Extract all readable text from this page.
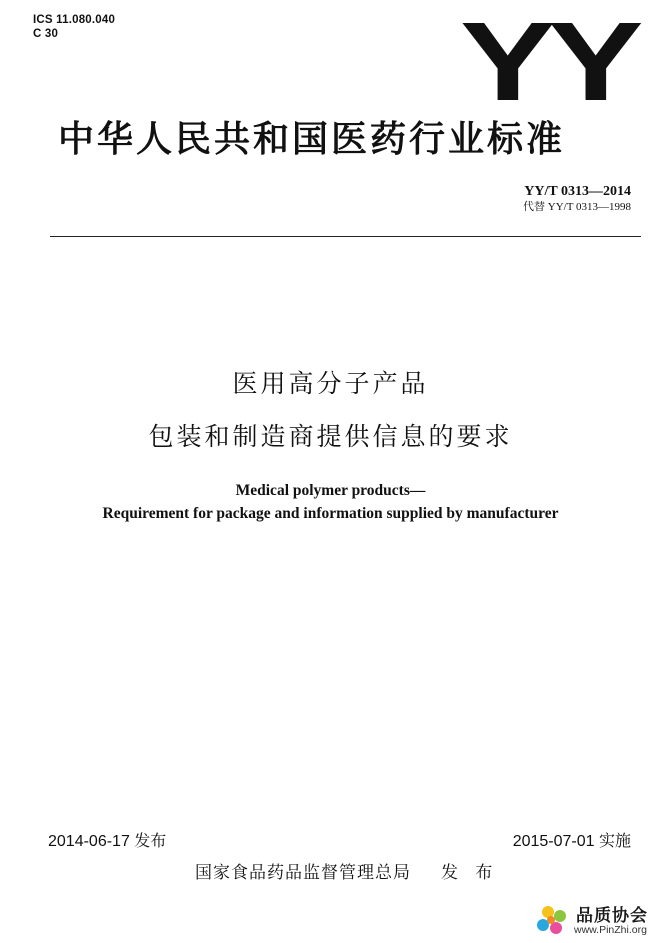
ICS 11.080.040
C 30	YY
中华人民共和国医药行业标准
YY/T 0313—2014
代替 YY/T 0313—1998
医用高分子产品
包装和制造商提供信息的要求
Medical polymer products—
Requirement for package and information supplied by manufacturer
2014-06-17 发布	2015-07-01 实施
国家食品药品监督管理总局 发 布
品质协会
www.PinZhi.org
